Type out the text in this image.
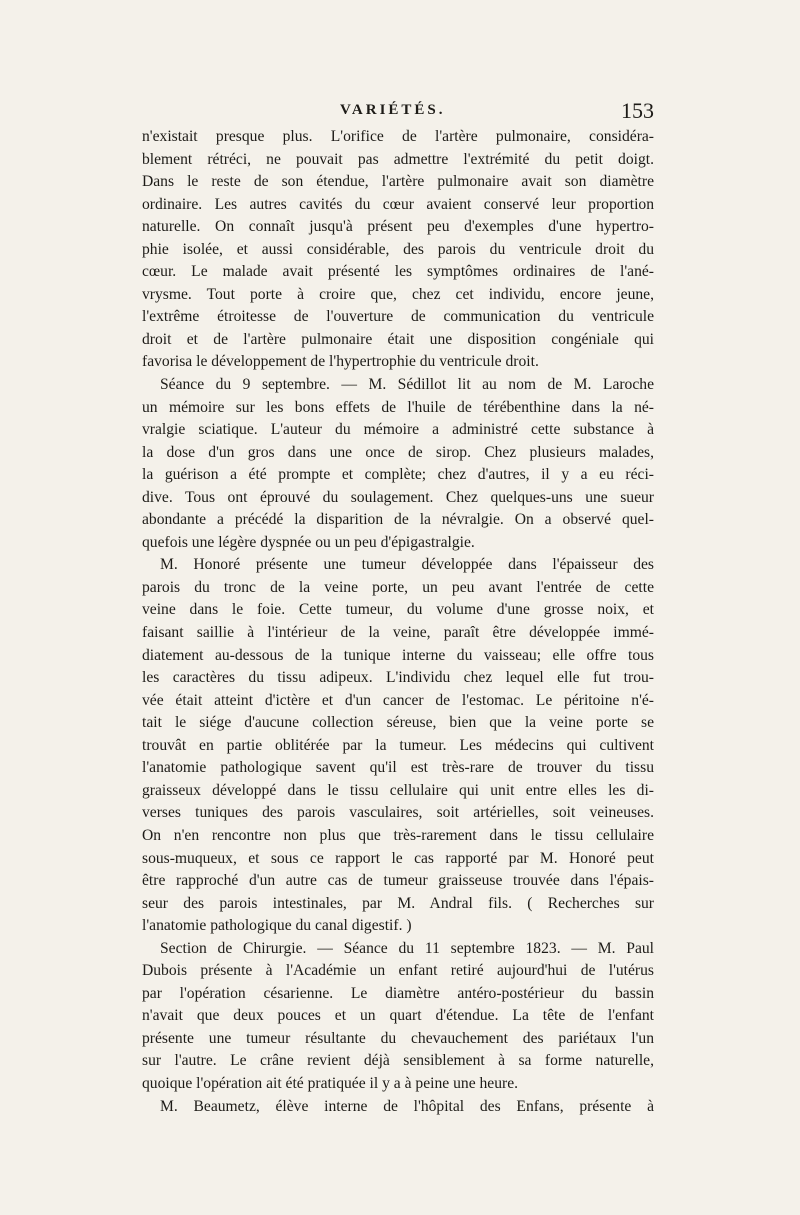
VARIÉTÉS.	153

n'existait presque plus. L'orifice de l'artère pulmonaire, considéra-
blement rétréci, ne pouvait pas admettre l'extrémité du petit doigt.
Dans le reste de son étendue, l'artère pulmonaire avait son diamètre
ordinaire. Les autres cavités du cœur avaient conservé leur proportion
naturelle. On connaît jusqu'à présent peu d'exemples d'une hypertro-
phie isolée, et aussi considérable, des parois du ventricule droit du
cœur. Le malade avait présenté les symptômes ordinaires de l'ané-
vrysme. Tout porte à croire que, chez cet individu, encore jeune,
l'extrême étroitesse de l'ouverture de communication du ventricule
droit et de l'artère pulmonaire était une disposition congéniale qui
favorisa le développement de l'hypertrophie du ventricule droit.

Séance du 9 septembre. — M. Sédillot lit au nom de M. Laroche
un mémoire sur les bons effets de l'huile de térébenthine dans la né-
vralgie sciatique. L'auteur du mémoire a administré cette substance à
la dose d'un gros dans une once de sirop. Chez plusieurs malades,
la guérison a été prompte et complète; chez d'autres, il y a eu réci-
dive. Tous ont éprouvé du soulagement. Chez quelques-uns une sueur
abondante a précédé la disparition de la névralgie. On a observé quel-
quefois une légère dyspnée ou un peu d'épigastralgie.

M. Honoré présente une tumeur développée dans l'épaisseur des
parois du tronc de la veine porte, un peu avant l'entrée de cette
veine dans le foie. Cette tumeur, du volume d'une grosse noix, et
faisant saillie à l'intérieur de la veine, paraît être développée immé-
diatement au-dessous de la tunique interne du vaisseau; elle offre tous
les caractères du tissu adipeux. L'individu chez lequel elle fut trou-
vée était atteint d'ictère et d'un cancer de l'estomac. Le péritoine n'é-
tait le siége d'aucune collection séreuse, bien que la veine porte se
trouvât en partie oblitérée par la tumeur. Les médecins qui cultivent
l'anatomie pathologique savent qu'il est très-rare de trouver du tissu
graisseux développé dans le tissu cellulaire qui unit entre elles les di-
verses tuniques des parois vasculaires, soit artérielles, soit veineuses.
On n'en rencontre non plus que très-rarement dans le tissu cellulaire
sous-muqueux, et sous ce rapport le cas rapporté par M. Honoré peut
être rapproché d'un autre cas de tumeur graisseuse trouvée dans l'épais-
seur des parois intestinales, par M. Andral fils. ( Recherches sur
l'anatomie pathologique du canal digestif. )

Section de Chirurgie. — Séance du 11 septembre 1823. — M. Paul
Dubois présente à l'Académie un enfant retiré aujourd'hui de l'utérus
par l'opération césarienne. Le diamètre antéro-postérieur du bassin
n'avait que deux pouces et un quart d'étendue. La tête de l'enfant
présente une tumeur résultante du chevauchement des pariétaux l'un
sur l'autre. Le crâne revient déjà sensiblement à sa forme naturelle,
quoique l'opération ait été pratiquée il y a à peine une heure.

M. Beaumetz, élève interne de l'hôpital des Enfans, présente à
